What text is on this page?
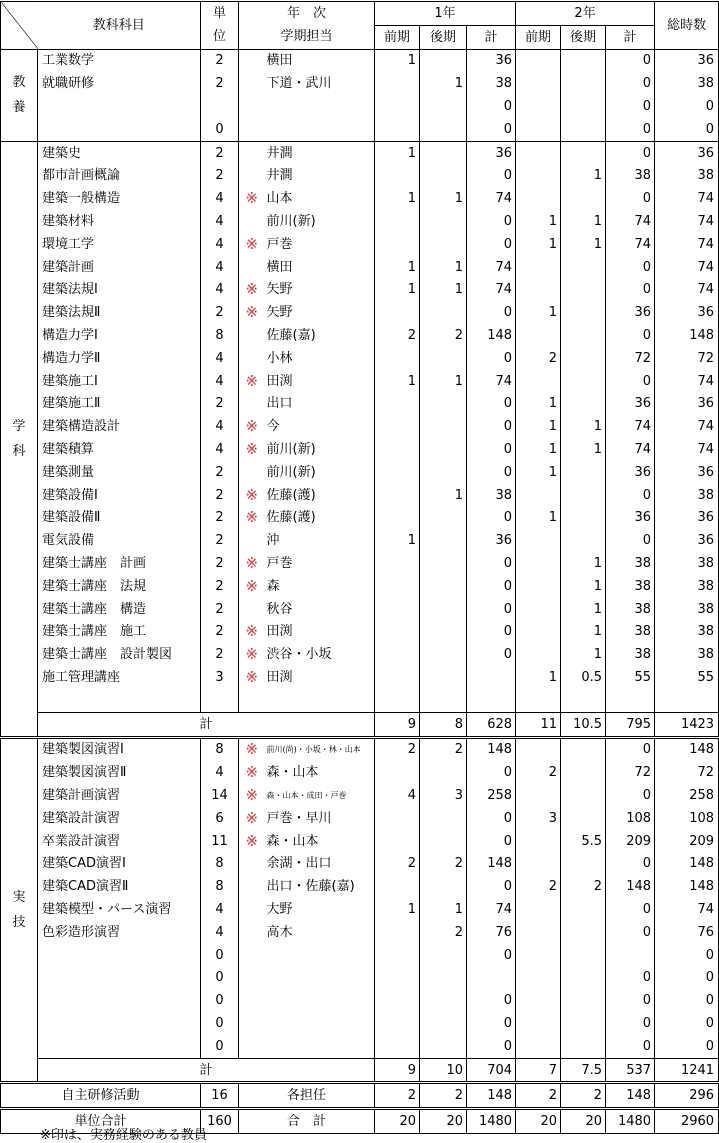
	教科科目	単	年　次		1年			2年			総時数
		位	学期担当		前期	後期	計	前期	後期	計	

教
養	工業数学	2		横田	1		36			0	36
	就職研修	2		下道・武川		1	38			0	38
							0			0	0
		0					0			0	0

学
科	建築史	2		井澗	1		36			0	36
	都市計画概論	2		井澗			0		1	38	38
	建築一般構造	4	※	山本	1	1	74			0	74
	建築材料	4		前川(新)			0	1	1	74	74
	環境工学	4	※	戸巻			0	1	1	74	74
	建築計画	4		横田	1	1	74			0	74
	建築法規Ⅰ	4	※	矢野	1	1	74			0	74
	建築法規Ⅱ	2	※	矢野			0	1		36	36
	構造力学Ⅰ	8		佐藤(嘉)	2	2	148			0	148
	構造力学Ⅱ	4		小林			0	2		72	72
	建築施工Ⅰ	4	※	田渕	1	1	74			0	74
	建築施工Ⅱ	2		出口			0	1		36	36
	建築構造設計	4	※	今			0	1	1	74	74
	建築積算	4	※	前川(新)			0	1	1	74	74
	建築測量	2		前川(新)			0	1		36	36
	建築設備Ⅰ	2	※	佐藤(護)		1	38			0	38
	建築設備Ⅱ	2	※	佐藤(護)			0	1		36	36
	電気設備	2		沖	1		36			0	36
	建築士講座　計画	2	※	戸巻			0		1	38	38
	建築士講座　法規	2	※	森			0		1	38	38
	建築士講座　構造	2		秋谷			0		1	38	38
	建築士講座　施工	2	※	田渕			0		1	38	38
	建築士講座　設計製図	2	※	渋谷・小坂			0		1	38	38
	施工管理講座	3	※	田渕				1	0.5	55	55

	計				9	8	628	11	10.5	795	1423

実
技	建築製図演習Ⅰ	8	※	前川(尚)・小坂・林・山本	2	2	148			0	148
	建築製図演習Ⅱ	4	※	森・山本			0	2		72	72
	建築計画演習	14	※	森・山本・成田・戸巻	4	3	258			0	258
	建築設計演習	6	※	戸巻・早川			0	3		108	108
	卒業設計演習	11	※	森・山本			0		5.5	209	209
	建築CAD演習Ⅰ	8		余湖・出口	2	2	148			0	148
	建築CAD演習Ⅱ	8		出口・佐藤(嘉)			0	2	2	148	148
	建築模型・パース演習	4		大野	1	1	74			0	74
	色彩造形演習	4		高木		2	76			0	76
		0					0				0
		0								0	0
		0					0			0	0
		0					0			0	0
		0					0			0	0
	計				9	10	704	7	7.5	537	1241
自主研修活動		16	各担任		2	2	148	2	2	148	296
単位合計		160	合　計		20	20	1480	20	20	1480	2960
※印は、実務経験のある教員
